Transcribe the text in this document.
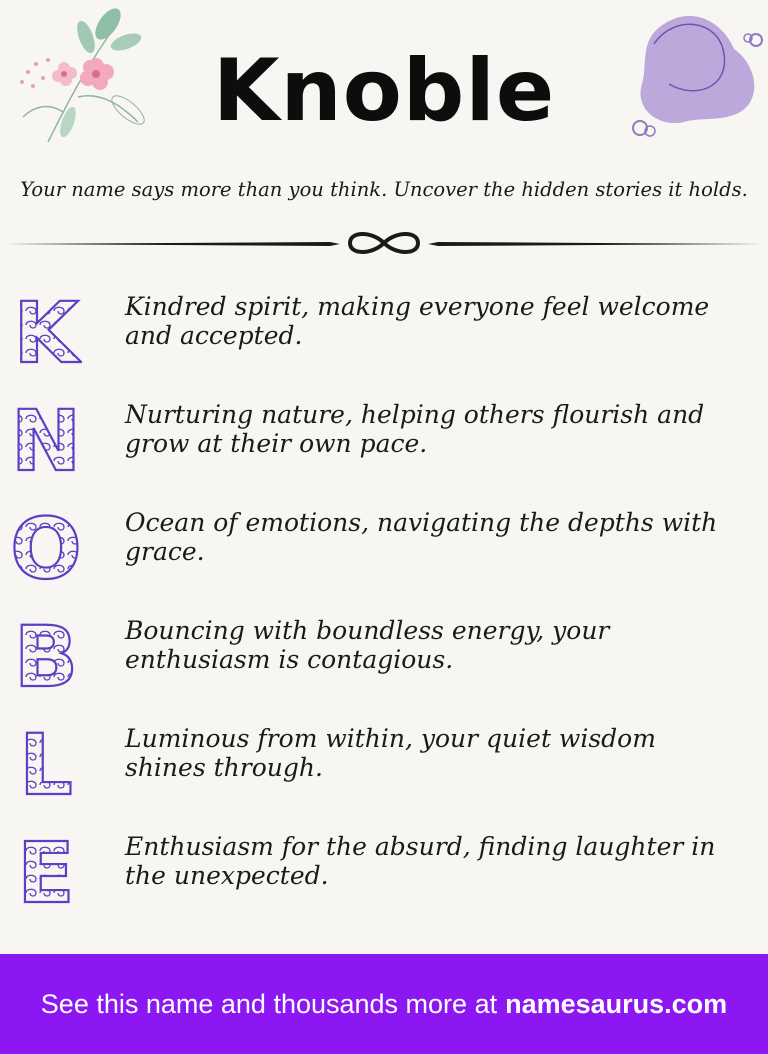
Knoble
Your name says more than you think. Uncover the hidden stories it holds.
K Kindred spirit, making everyone feel welcome and accepted.
N Nurturing nature, helping others flourish and grow at their own pace.
O Ocean of emotions, navigating the depths with grace.
B Bouncing with boundless energy, your enthusiasm is contagious.
L Luminous from within, your quiet wisdom shines through.
E Enthusiasm for the absurd, finding laughter in the unexpected.
See this name and thousands more at namesaurus.com
